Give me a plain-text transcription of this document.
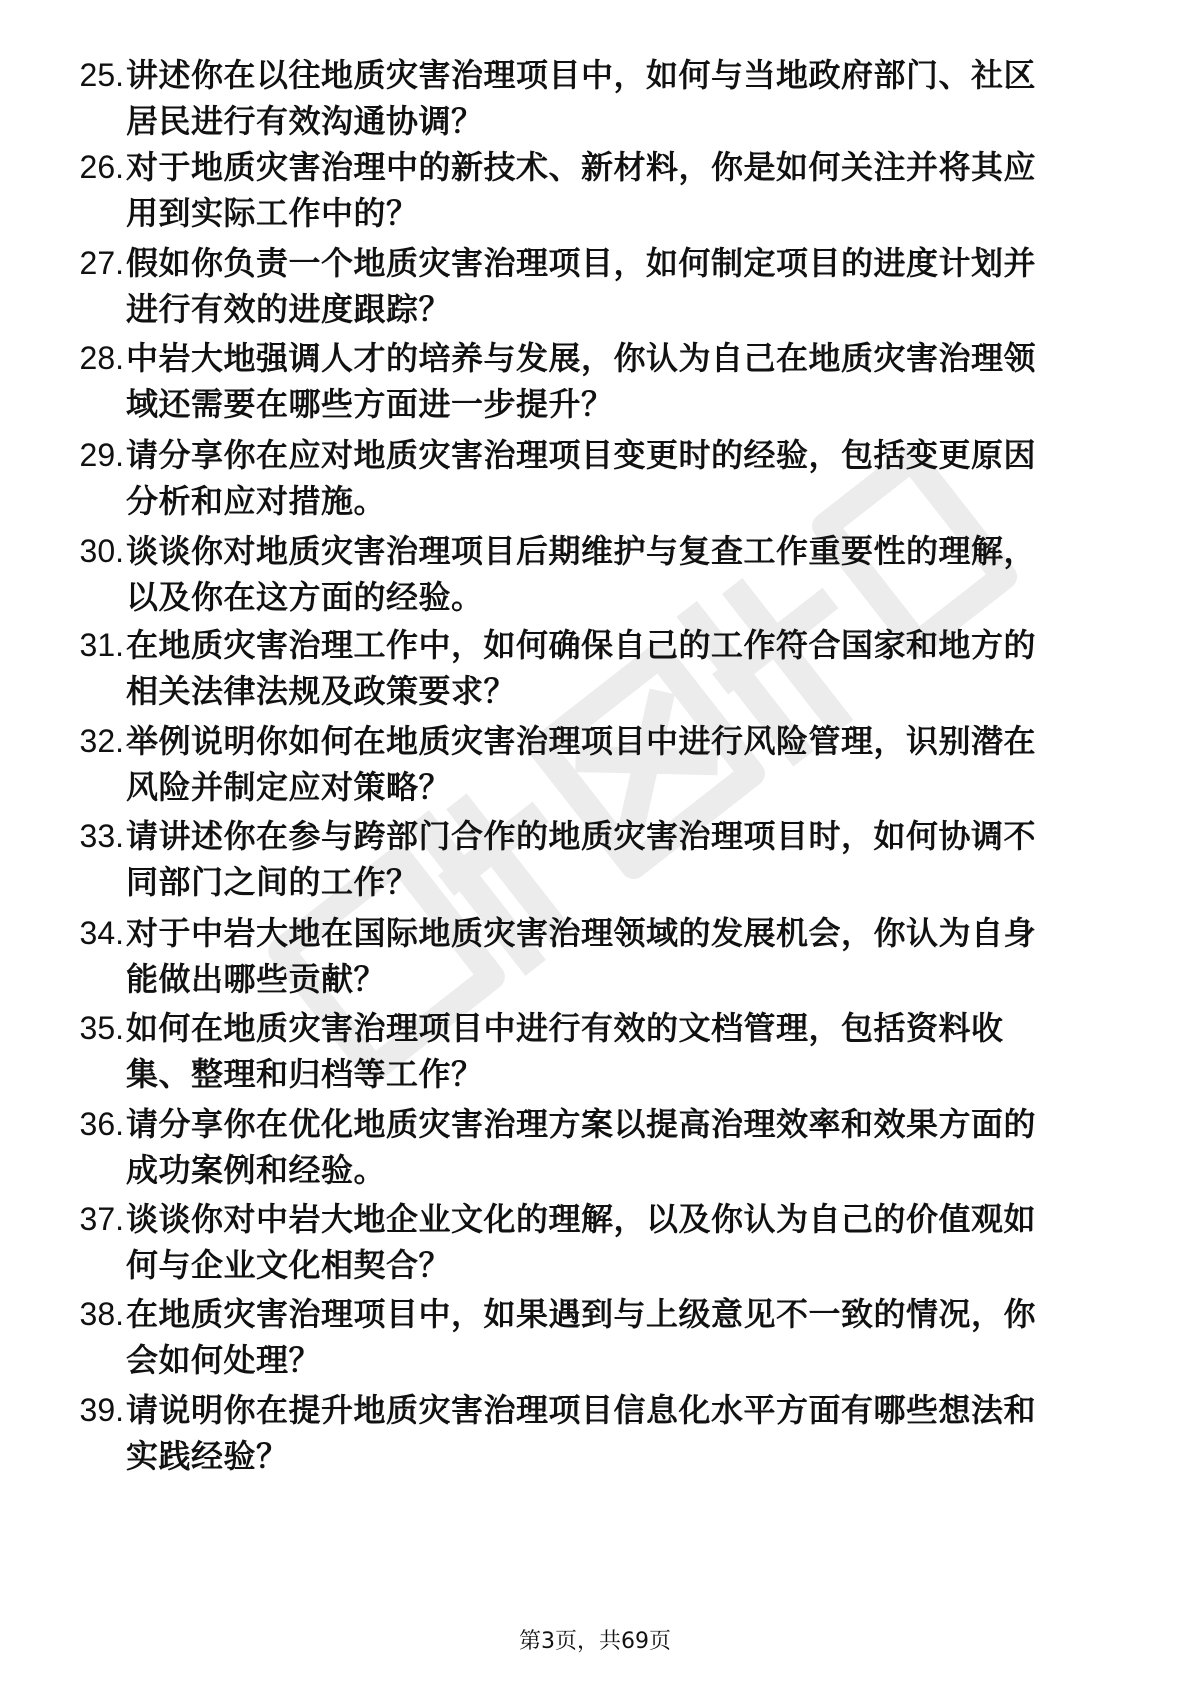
25. 讲述你在以往地质灾害治理项目中，如何与当地政府部门、社区
居民进行有效沟通协调？
26. 对于地质灾害治理中的新技术、新材料，你是如何关注并将其应
用到实际工作中的？
27. 假如你负责一个地质灾害治理项目，如何制定项目的进度计划并
进行有效的进度跟踪？
28. 中岩大地强调人才的培养与发展，你认为自己在地质灾害治理领
域还需要在哪些方面进一步提升？
29. 请分享你在应对地质灾害治理项目变更时的经验，包括变更原因
分析和应对措施。
30. 谈谈你对地质灾害治理项目后期维护与复查工作重要性的理解，
以及你在这方面的经验。
31. 在地质灾害治理工作中，如何确保自己的工作符合国家和地方的
相关法律法规及政策要求？
32. 举例说明你如何在地质灾害治理项目中进行风险管理，识别潜在
风险并制定应对策略？
33. 请讲述你在参与跨部门合作的地质灾害治理项目时，如何协调不
同部门之间的工作？
34. 对于中岩大地在国际地质灾害治理领域的发展机会，你认为自身
能做出哪些贡献？
35. 如何在地质灾害治理项目中进行有效的文档管理，包括资料收
集、整理和归档等工作？
36. 请分享你在优化地质灾害治理方案以提高治理效率和效果方面的
成功案例和经验。
37. 谈谈你对中岩大地企业文化的理解，以及你认为自己的价值观如
何与企业文化相契合？
38. 在地质灾害治理项目中，如果遇到与上级意见不一致的情况，你
会如何处理？
39. 请说明你在提升地质灾害治理项目信息化水平方面有哪些想法和
实践经验？
第3页，共69页
